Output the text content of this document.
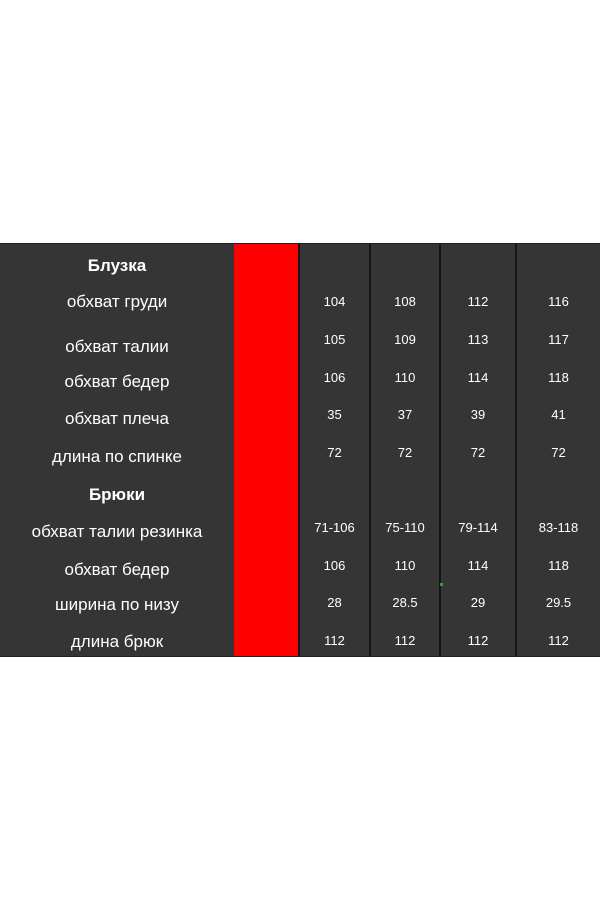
Блузка
обхват груди	104	108	112	116
обхват талии	105	109	113	117
обхват бедер	106	110	114	118
обхват плеча	35	37	39	41
длина по спинке	72	72	72	72
Брюки
обхват талии резинка	71-106	75-110	79-114	83-118
обхват бедер	106	110	114	118
ширина по низу	28	28.5	29	29.5
длина брюк	112	112	112	112
